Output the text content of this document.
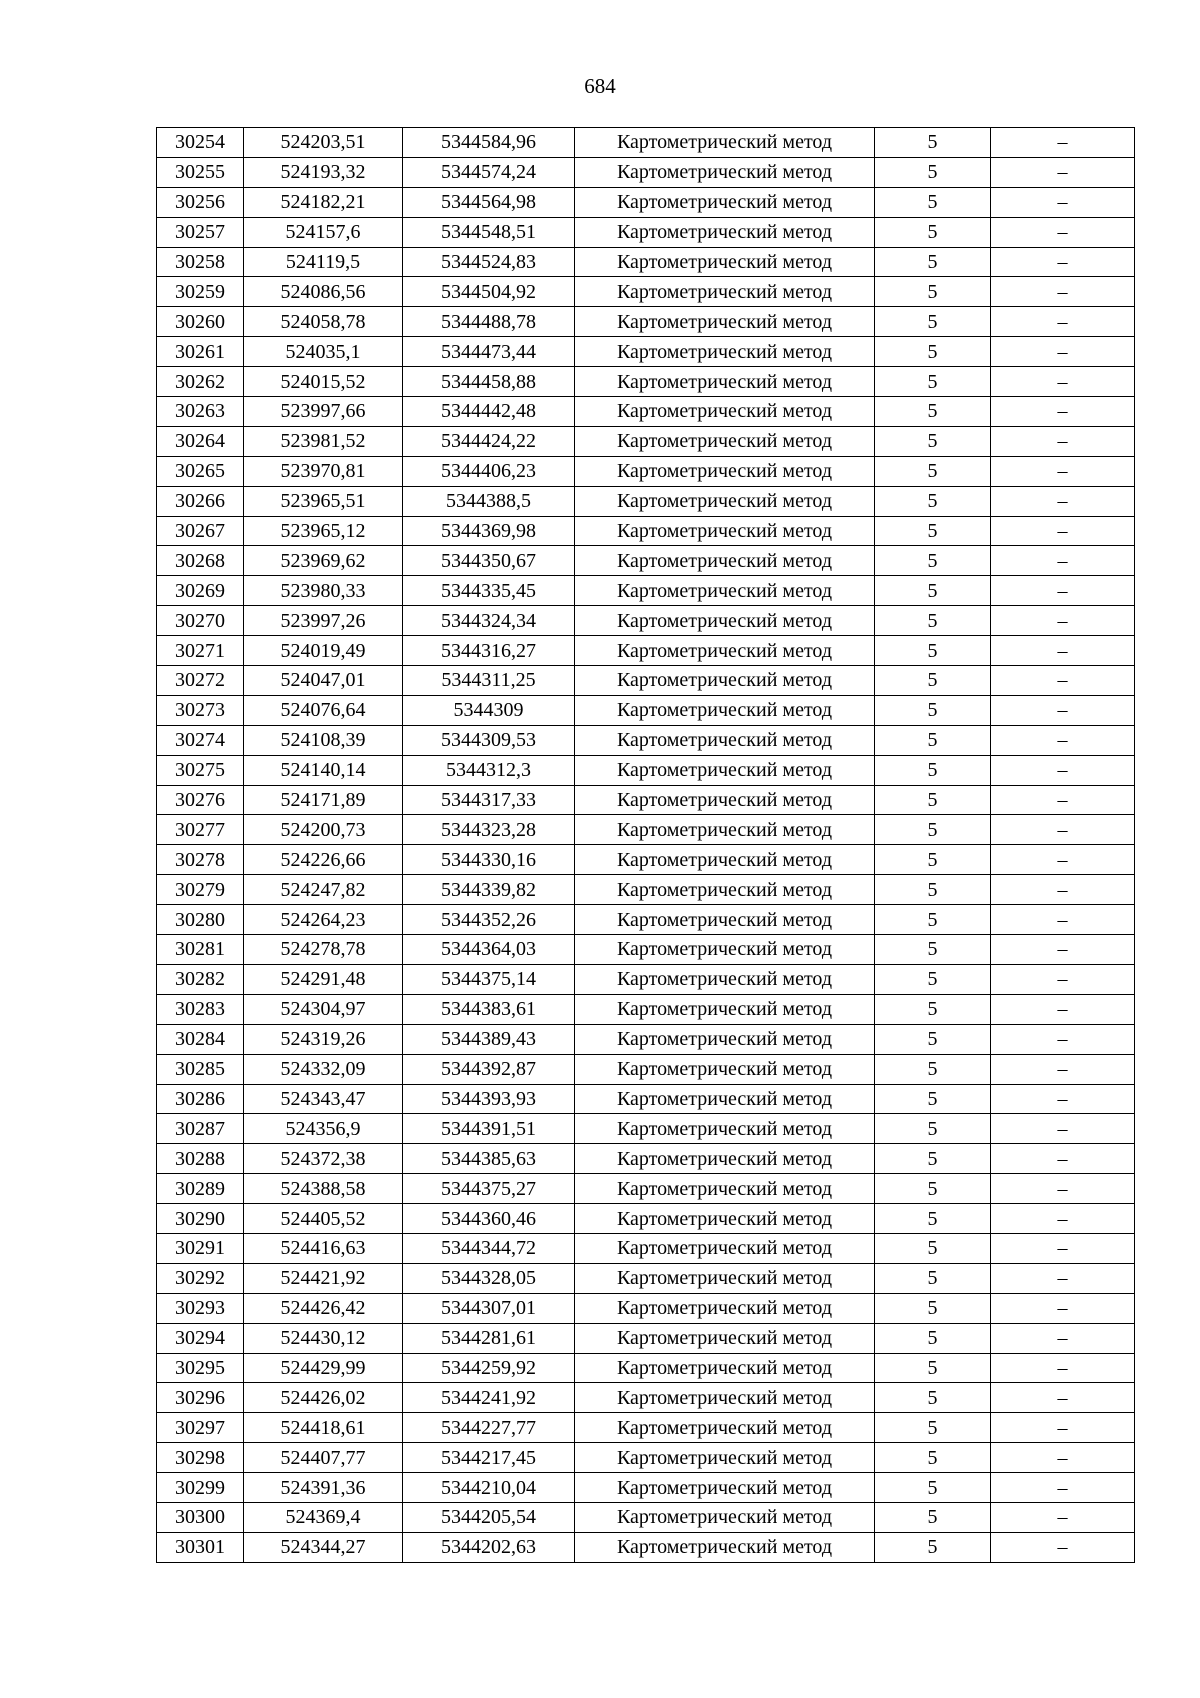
684
30254	524203,51	5344584,96	Картометрический метод	5	–
30255	524193,32	5344574,24	Картометрический метод	5	–
30256	524182,21	5344564,98	Картометрический метод	5	–
30257	524157,6	5344548,51	Картометрический метод	5	–
30258	524119,5	5344524,83	Картометрический метод	5	–
30259	524086,56	5344504,92	Картометрический метод	5	–
30260	524058,78	5344488,78	Картометрический метод	5	–
30261	524035,1	5344473,44	Картометрический метод	5	–
30262	524015,52	5344458,88	Картометрический метод	5	–
30263	523997,66	5344442,48	Картометрический метод	5	–
30264	523981,52	5344424,22	Картометрический метод	5	–
30265	523970,81	5344406,23	Картометрический метод	5	–
30266	523965,51	5344388,5	Картометрический метод	5	–
30267	523965,12	5344369,98	Картометрический метод	5	–
30268	523969,62	5344350,67	Картометрический метод	5	–
30269	523980,33	5344335,45	Картометрический метод	5	–
30270	523997,26	5344324,34	Картометрический метод	5	–
30271	524019,49	5344316,27	Картометрический метод	5	–
30272	524047,01	5344311,25	Картометрический метод	5	–
30273	524076,64	5344309	Картометрический метод	5	–
30274	524108,39	5344309,53	Картометрический метод	5	–
30275	524140,14	5344312,3	Картометрический метод	5	–
30276	524171,89	5344317,33	Картометрический метод	5	–
30277	524200,73	5344323,28	Картометрический метод	5	–
30278	524226,66	5344330,16	Картометрический метод	5	–
30279	524247,82	5344339,82	Картометрический метод	5	–
30280	524264,23	5344352,26	Картометрический метод	5	–
30281	524278,78	5344364,03	Картометрический метод	5	–
30282	524291,48	5344375,14	Картометрический метод	5	–
30283	524304,97	5344383,61	Картометрический метод	5	–
30284	524319,26	5344389,43	Картометрический метод	5	–
30285	524332,09	5344392,87	Картометрический метод	5	–
30286	524343,47	5344393,93	Картометрический метод	5	–
30287	524356,9	5344391,51	Картометрический метод	5	–
30288	524372,38	5344385,63	Картометрический метод	5	–
30289	524388,58	5344375,27	Картометрический метод	5	–
30290	524405,52	5344360,46	Картометрический метод	5	–
30291	524416,63	5344344,72	Картометрический метод	5	–
30292	524421,92	5344328,05	Картометрический метод	5	–
30293	524426,42	5344307,01	Картометрический метод	5	–
30294	524430,12	5344281,61	Картометрический метод	5	–
30295	524429,99	5344259,92	Картометрический метод	5	–
30296	524426,02	5344241,92	Картометрический метод	5	–
30297	524418,61	5344227,77	Картометрический метод	5	–
30298	524407,77	5344217,45	Картометрический метод	5	–
30299	524391,36	5344210,04	Картометрический метод	5	–
30300	524369,4	5344205,54	Картометрический метод	5	–
30301	524344,27	5344202,63	Картометрический метод	5	–
